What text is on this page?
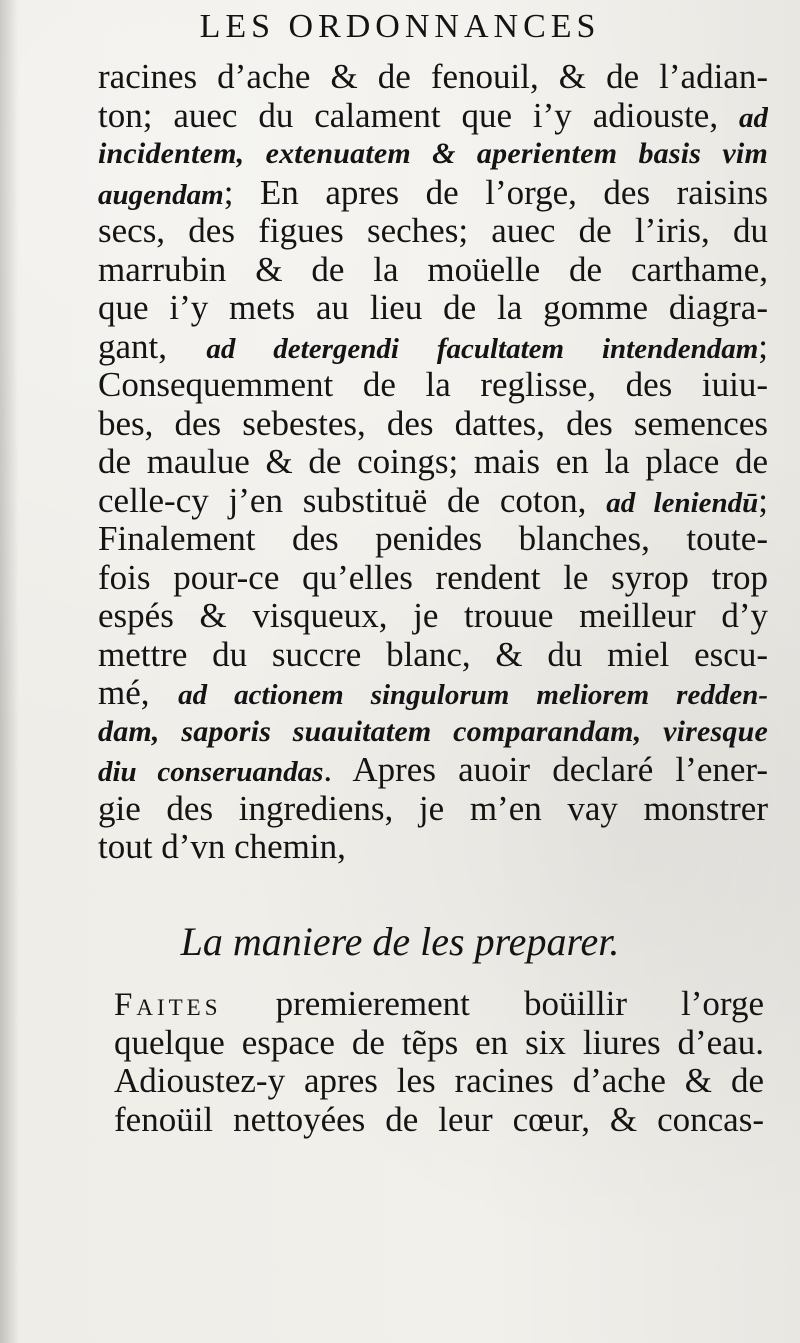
LES ORDONNANCES
racines d’ache & de fenouil, & de l’adian-
ton; auec du calament que i’y adiouste, ad
incidentem, extenuatem & aperientem basis vim
augendam; En apres de l’orge, des raisins
secs, des figues seches; auec de l’iris, du
marrubin & de la moüelle de carthame,
que i’y mets au lieu de la gomme diagra-
gant, ad detergendi facultatem intendendam;
Consequemment de la reglisse, des iuiu-
bes, des sebestes, des dattes, des semences
de maulue & de coings; mais en la place de
celle-cy j’en substituë de coton, ad leniendū;
Finalement des penides blanches, toute-
fois pour-ce qu’elles rendent le syrop trop
espés & visqueux, je trouue meilleur d’y
mettre du succre blanc, & du miel escu-
mé, ad actionem singulorum meliorem redden-
dam, saporis suauitatem comparandam, viresque
diu conseruandas. Apres auoir declaré l’ener-
gie des ingrediens, je m’en vay monstrer
tout d’vn chemin,
La maniere de les preparer.
Faites premierement boüillir l’orge
quelque espace de tẽps en six liures d’eau.
Adioustez-y apres les racines d’ache & de
fenoüil nettoyées de leur cœur, & concas-
